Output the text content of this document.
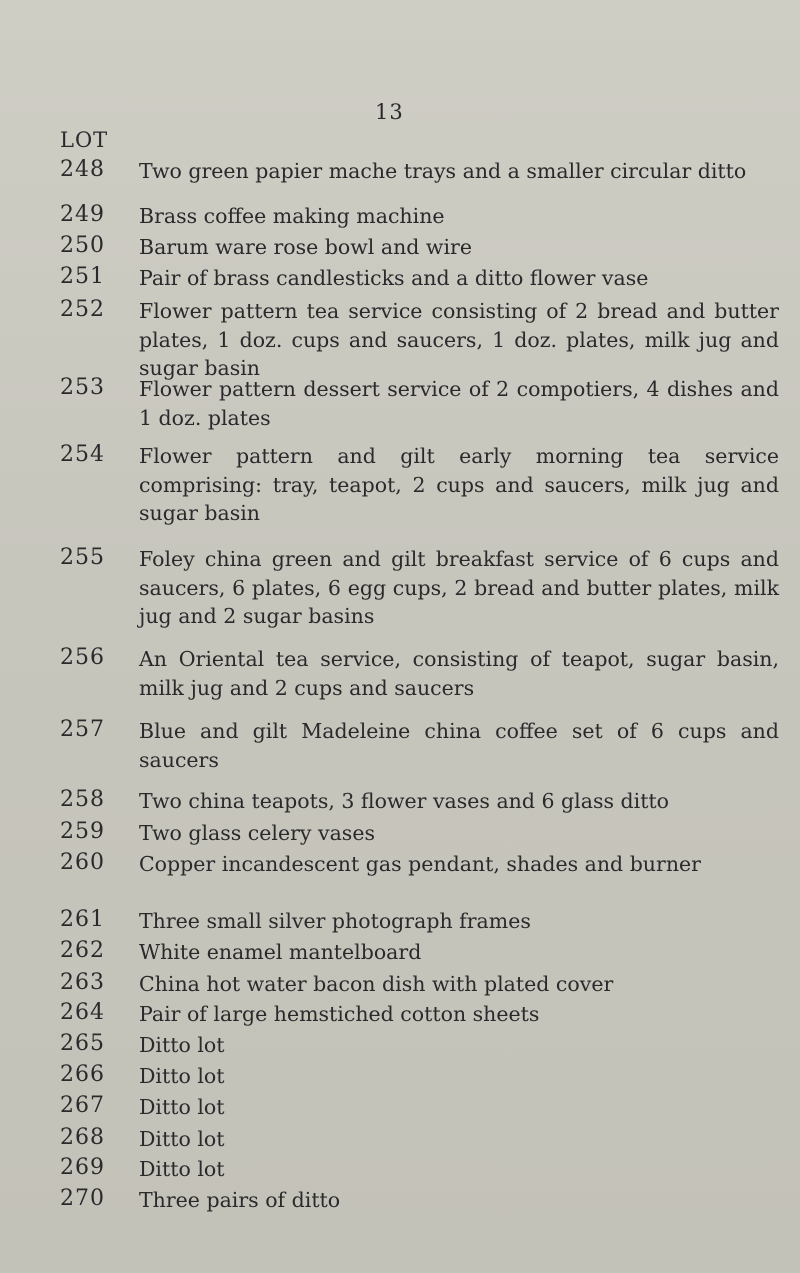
13
LOT
248 Two green papier mache trays and a smaller circular ditto
249 Brass coffee making machine
250 Barum ware rose bowl and wire
251 Pair of brass candlesticks and a ditto flower vase
252 Flower pattern tea service consisting of 2 bread and butter plates, 1 doz. cups and saucers, 1 doz. plates, milk jug and sugar basin
253 Flower pattern dessert service of 2 compotiers, 4 dishes and 1 doz. plates
254 Flower pattern and gilt early morning tea service comprising: tray, teapot, 2 cups and saucers, milk jug and sugar basin
255 Foley china green and gilt breakfast service of 6 cups and saucers, 6 plates, 6 egg cups, 2 bread and butter plates, milk jug and 2 sugar basins
256 An Oriental tea service, consisting of teapot, sugar basin, milk jug and 2 cups and saucers
257 Blue and gilt Madeleine china coffee set of 6 cups and saucers
258 Two china teapots, 3 flower vases and 6 glass ditto
259 Two glass celery vases
260 Copper incandescent gas pendant, shades and burner
261 Three small silver photograph frames
262 White enamel mantelboard
263 China hot water bacon dish with plated cover
264 Pair of large hemstiched cotton sheets
265 Ditto lot
266 Ditto lot
267 Ditto lot
268 Ditto lot
269 Ditto lot
270 Three pairs of ditto
